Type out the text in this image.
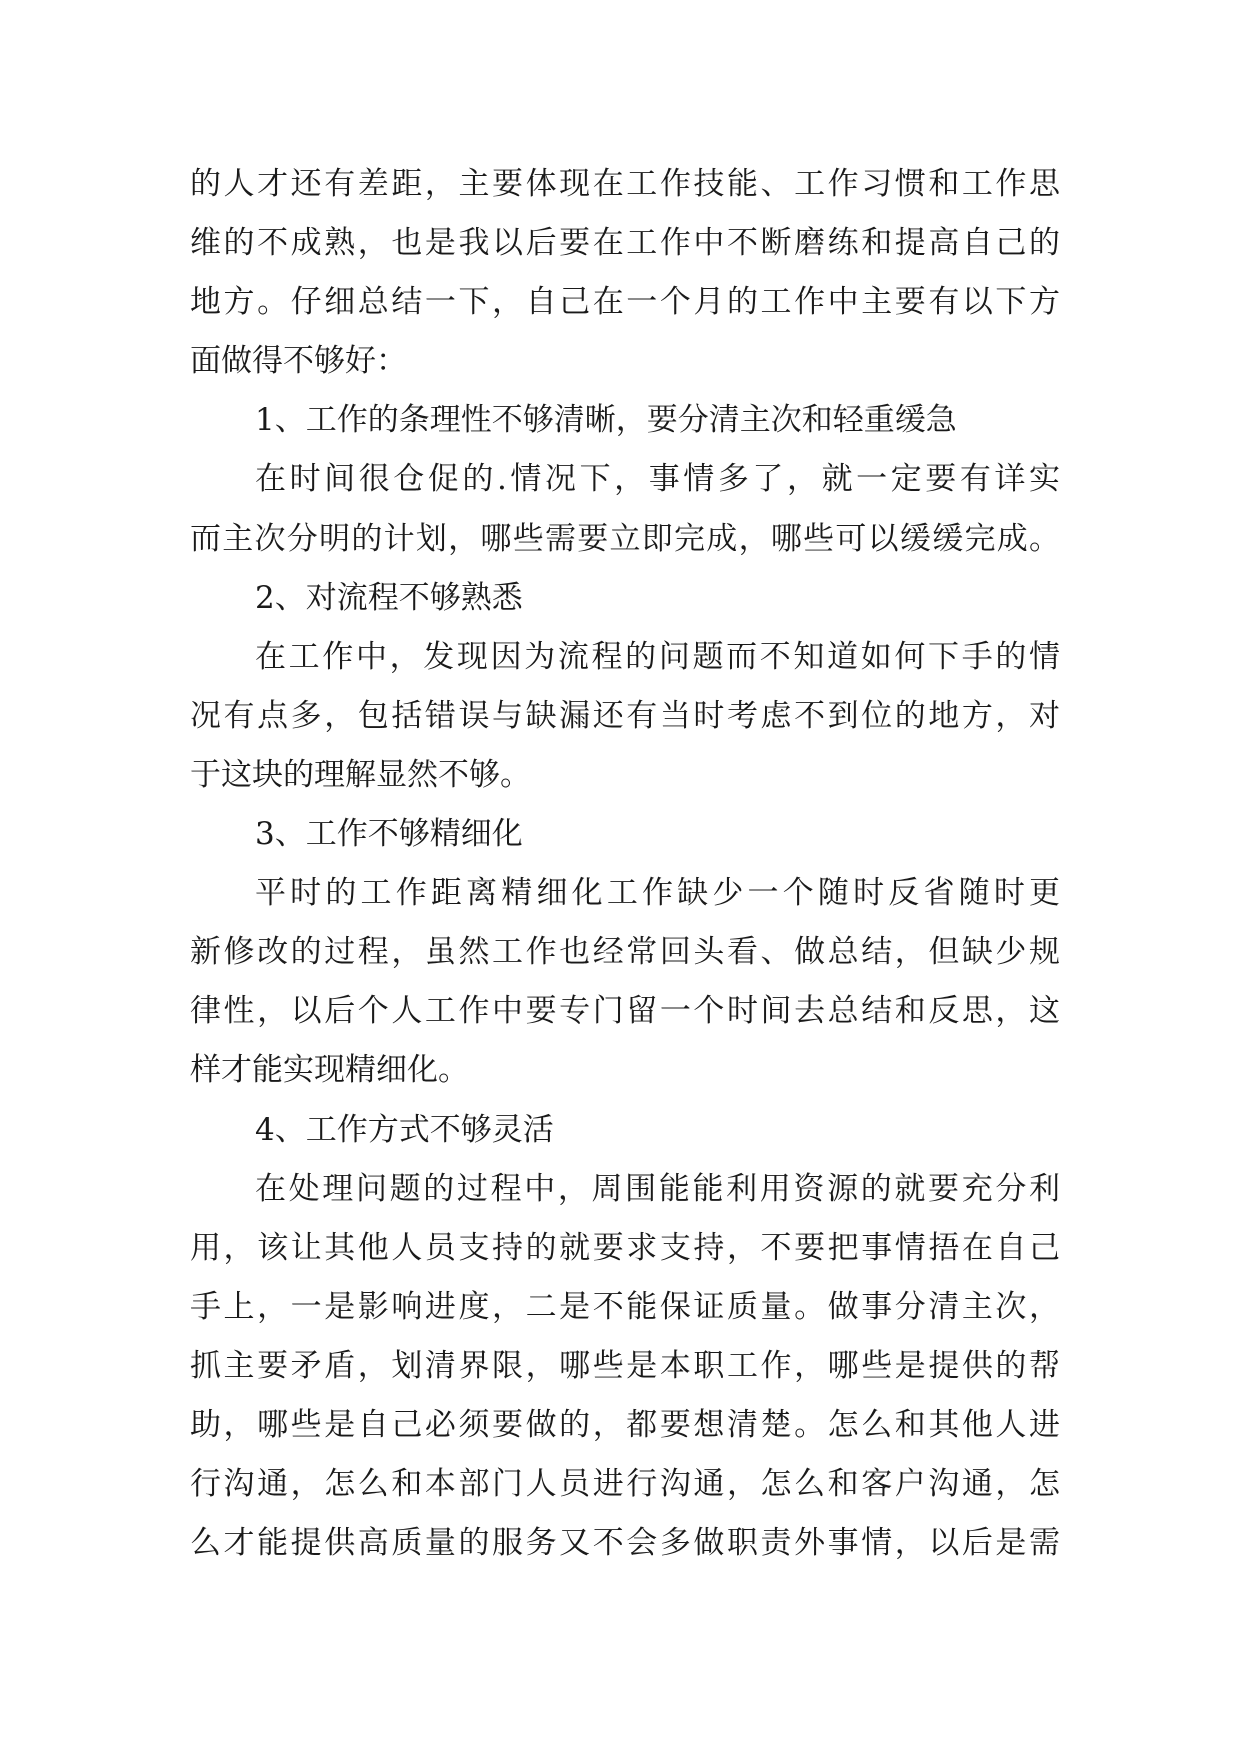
的人才还有差距，主要体现在工作技能、工作习惯和工作思
维的不成熟，也是我以后要在工作中不断磨练和提高自己的
地方。仔细总结一下，自己在一个月的工作中主要有以下方
面做得不够好：
1、工作的条理性不够清晰，要分清主次和轻重缓急
在时间很仓促的.情况下，事情多了，就一定要有详实
而主次分明的计划，哪些需要立即完成，哪些可以缓缓完成。
2、对流程不够熟悉
在工作中，发现因为流程的问题而不知道如何下手的情
况有点多，包括错误与缺漏还有当时考虑不到位的地方，对
于这块的理解显然不够。
3、工作不够精细化
平时的工作距离精细化工作缺少一个随时反省随时更
新修改的过程，虽然工作也经常回头看、做总结，但缺少规
律性，以后个人工作中要专门留一个时间去总结和反思，这
样才能实现精细化。
4、工作方式不够灵活
在处理问题的过程中，周围能能利用资源的就要充分利
用，该让其他人员支持的就要求支持，不要把事情捂在自己
手上，一是影响进度，二是不能保证质量。做事分清主次，
抓主要矛盾，划清界限，哪些是本职工作，哪些是提供的帮
助，哪些是自己必须要做的，都要想清楚。怎么和其他人进
行沟通，怎么和本部门人员进行沟通，怎么和客户沟通，怎
么才能提供高质量的服务又不会多做职责外事情，以后是需
